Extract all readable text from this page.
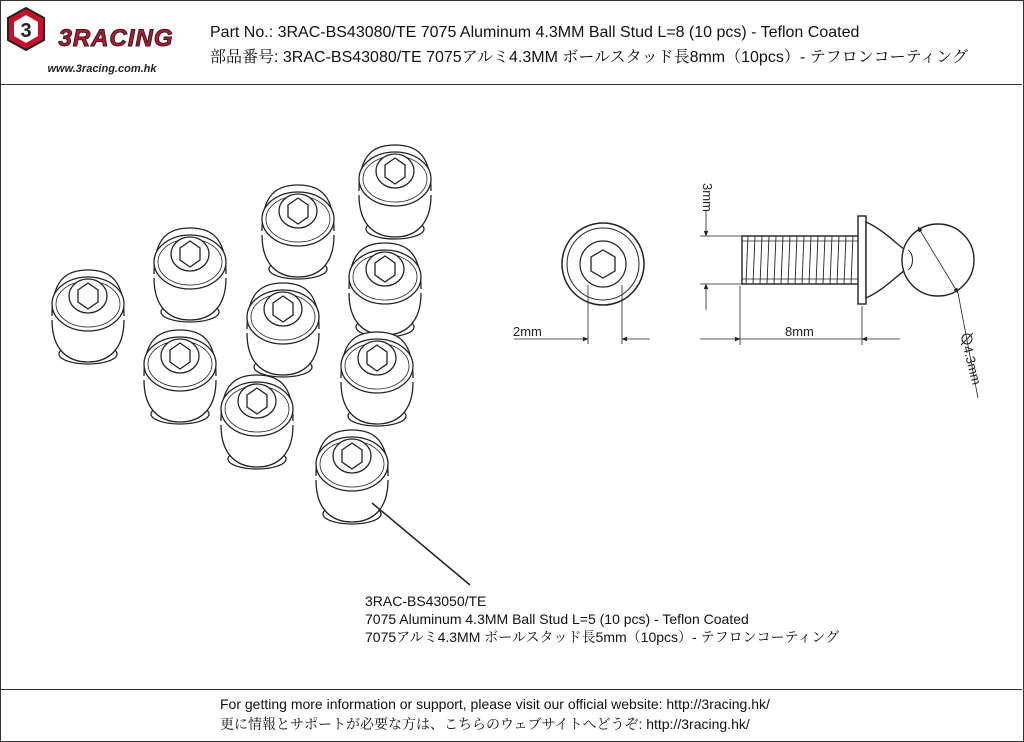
3 3RACING
www.3racing.com.hk
Part No.: 3RAC-BS43080/TE 7075 Aluminum 4.3MM Ball Stud L=8 (10 pcs) - Teflon Coated
部品番号: 3RAC-BS43080/TE 7075アルミ4.3MM ボールスタッド長8mm（10pcs）- テフロンコーティング
2mm
3mm
8mm
4.3mm
3RAC-BS43050/TE
7075 Aluminum 4.3MM Ball Stud L=5 (10 pcs) - Teflon Coated
7075アルミ4.3MM ボールスタッド長5mm（10pcs）- テフロンコーティング
For getting more information or support, please visit our official website: http://3racing.hk/
更に情報とサポートが必要な方は、こちらのウェブサイトへどうぞ: http://3racing.hk/
